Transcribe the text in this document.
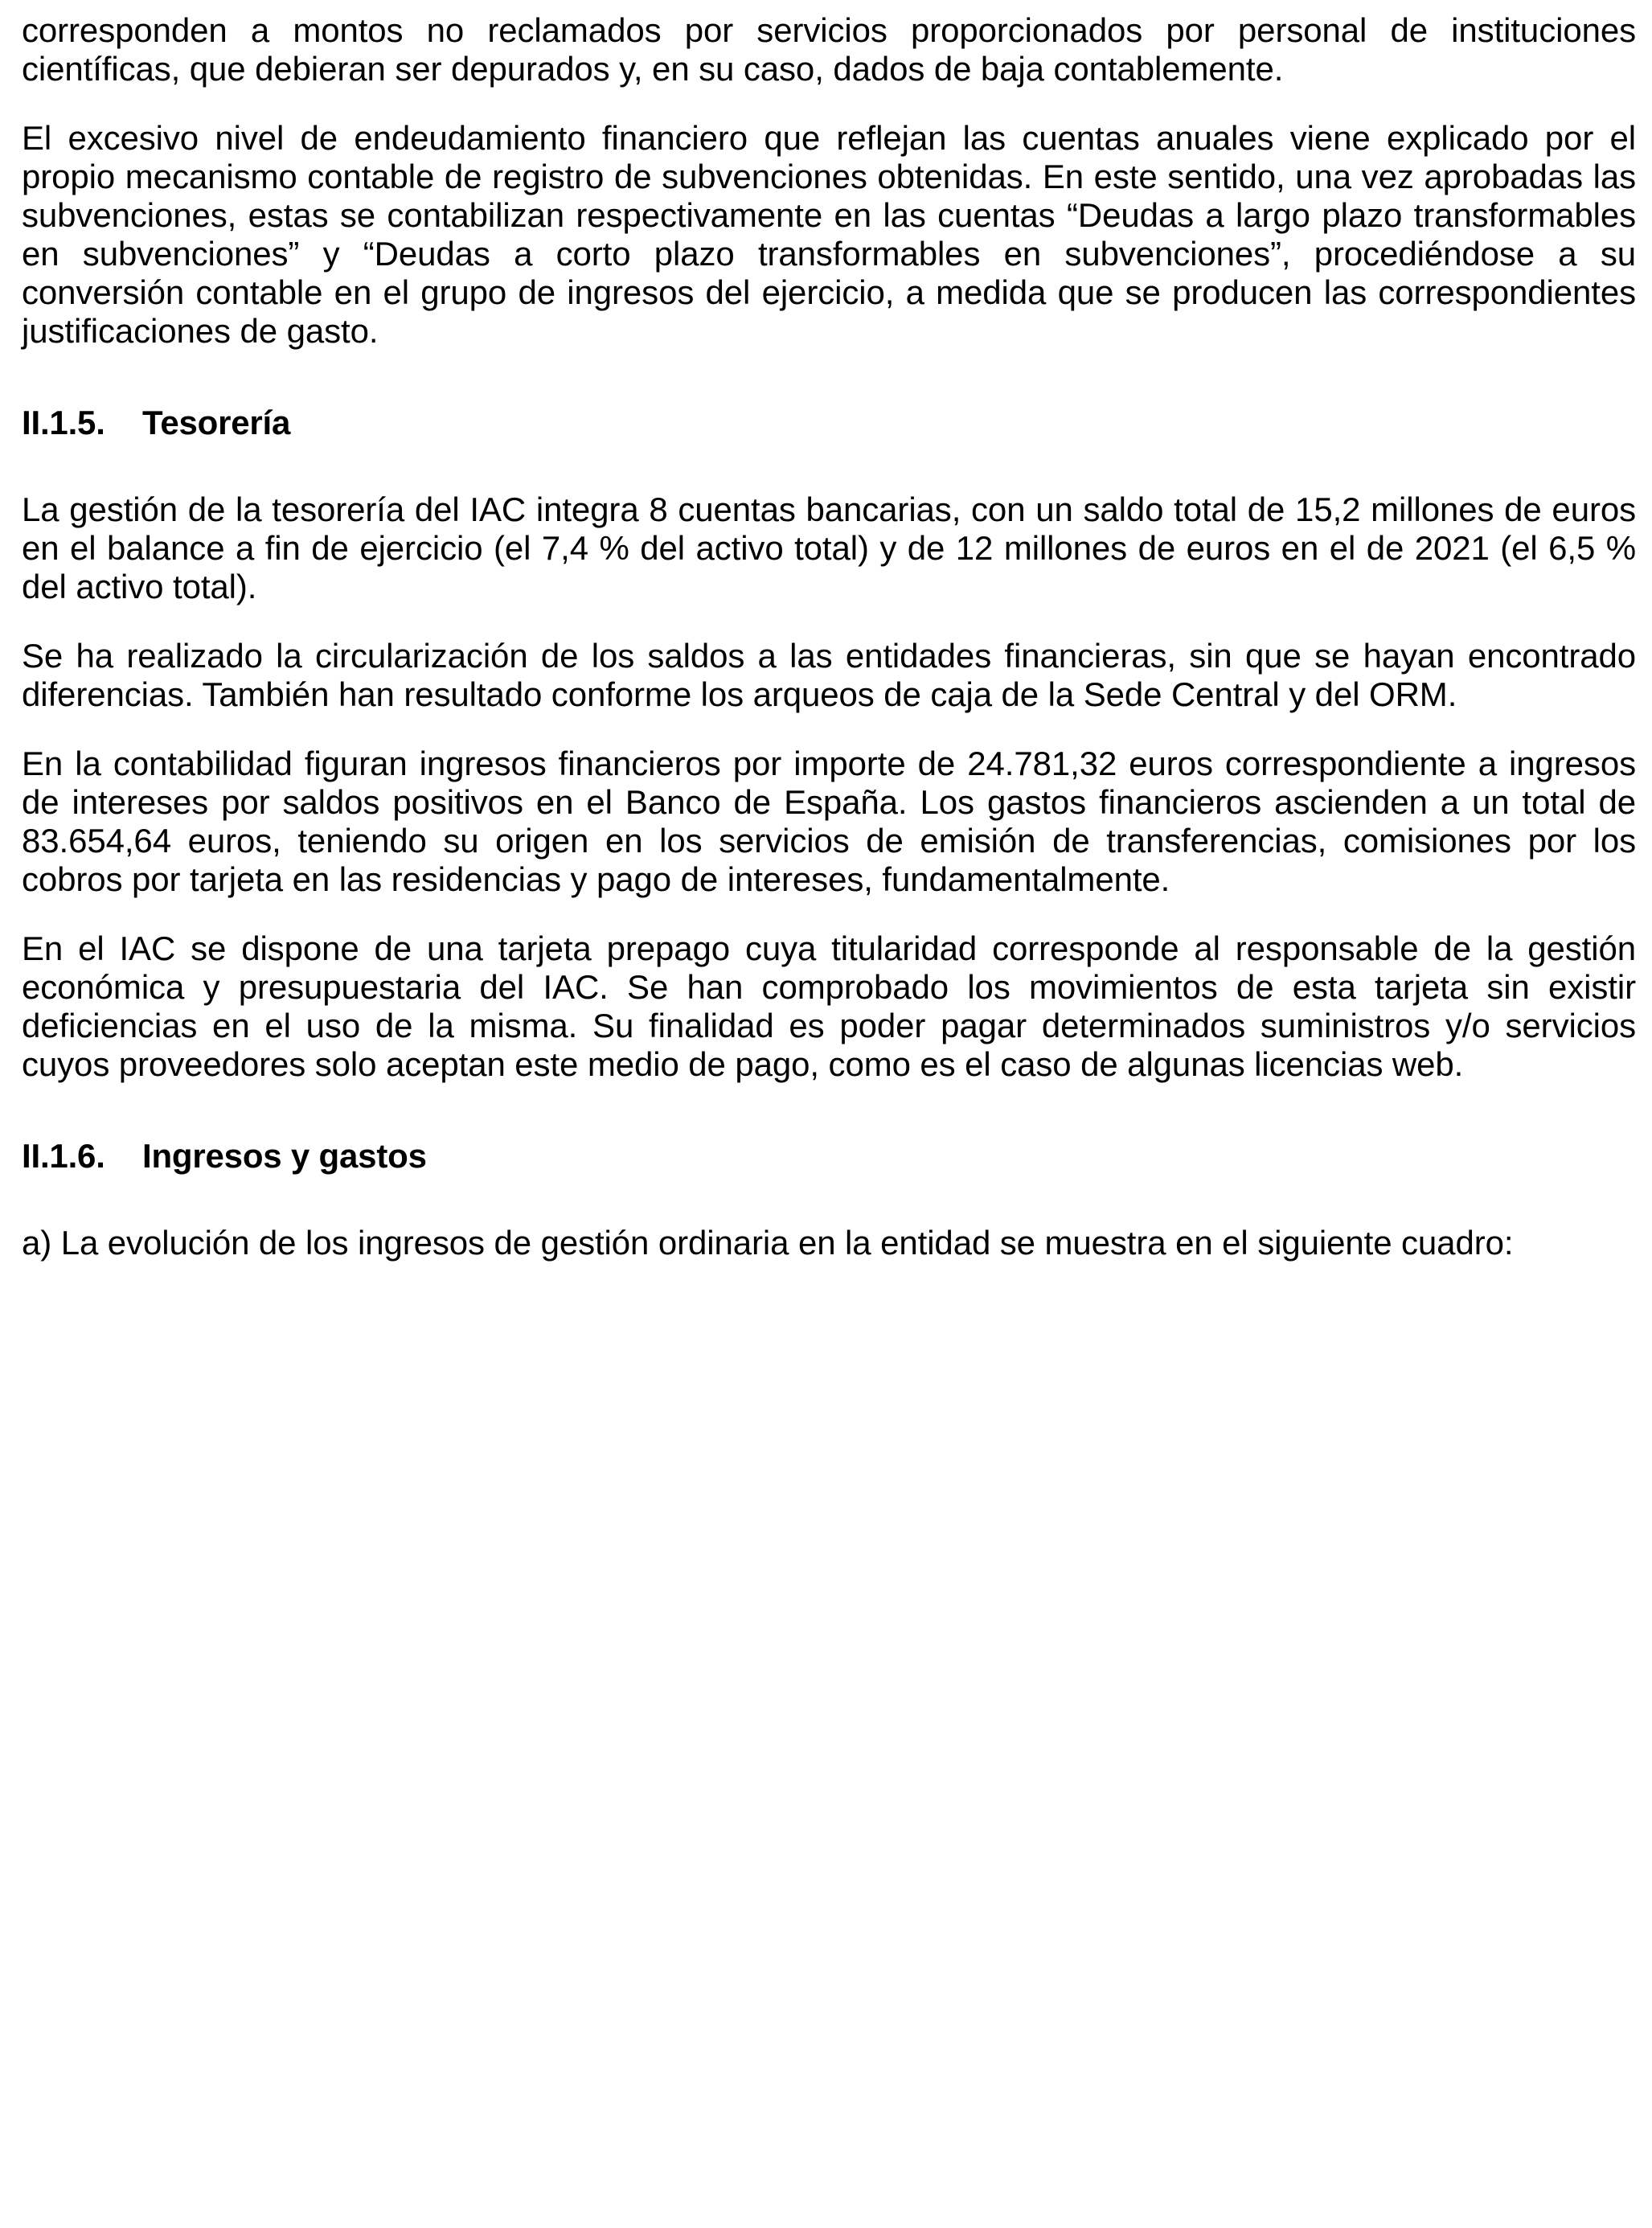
corresponden a montos no reclamados por servicios proporcionados por personal de instituciones científicas, que debieran ser depurados y, en su caso, dados de baja contablemente.

El excesivo nivel de endeudamiento financiero que reflejan las cuentas anuales viene explicado por el propio mecanismo contable de registro de subvenciones obtenidas. En este sentido, una vez aprobadas las subvenciones, estas se contabilizan respectivamente en las cuentas “Deudas a largo plazo transformables en subvenciones” y “Deudas a corto plazo transformables en subvenciones”, procediéndose a su conversión contable en el grupo de ingresos del ejercicio, a medida que se producen las correspondientes justificaciones de gasto.

II.1.5. Tesorería

La gestión de la tesorería del IAC integra 8 cuentas bancarias, con un saldo total de 15,2 millones de euros en el balance a fin de ejercicio (el 7,4 % del activo total) y de 12 millones de euros en el de 2021 (el 6,5 % del activo total).

Se ha realizado la circularización de los saldos a las entidades financieras, sin que se hayan encontrado diferencias. También han resultado conforme los arqueos de caja de la Sede Central y del ORM.

En la contabilidad figuran ingresos financieros por importe de 24.781,32 euros correspondiente a ingresos de intereses por saldos positivos en el Banco de España. Los gastos financieros ascienden a un total de 83.654,64 euros, teniendo su origen en los servicios de emisión de transferencias, comisiones por los cobros por tarjeta en las residencias y pago de intereses, fundamentalmente.

En el IAC se dispone de una tarjeta prepago cuya titularidad corresponde al responsable de la gestión económica y presupuestaria del IAC. Se han comprobado los movimientos de esta tarjeta sin existir deficiencias en el uso de la misma. Su finalidad es poder pagar determinados suministros y/o servicios cuyos proveedores solo aceptan este medio de pago, como es el caso de algunas licencias web.

II.1.6. Ingresos y gastos

a) La evolución de los ingresos de gestión ordinaria en la entidad se muestra en el siguiente cuadro:
